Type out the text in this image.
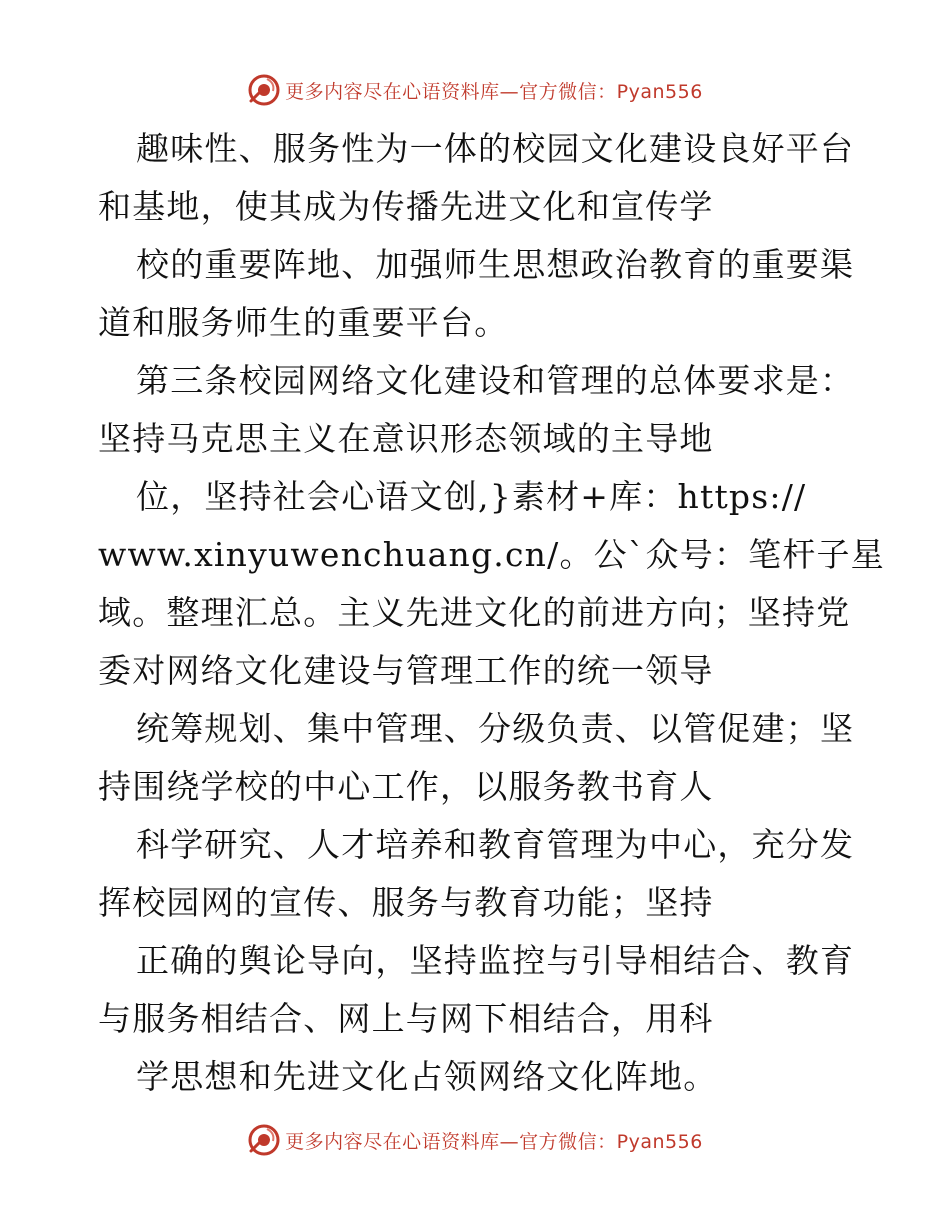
更多内容尽在心语资料库—官方微信：Pyan556
趣味性、服务性为一体的校园文化建设良好平台
和基地，使其成为传播先进文化和宣传学
校的重要阵地、加强师生思想政治教育的重要渠
道和服务师生的重要平台。
第三条校园网络文化建设和管理的总体要求是：
坚持马克思主义在意识形态领域的主导地
位，坚持社会心语文创,}素材+库：https://
www.xinyuwenchuang.cn/。公`众号：笔杆子星
域。整理汇总。主义先进文化的前进方向；坚持党
委对网络文化建设与管理工作的统一领导
统筹规划、集中管理、分级负责、以管促建；坚
持围绕学校的中心工作，以服务教书育人
科学研究、人才培养和教育管理为中心，充分发
挥校园网的宣传、服务与教育功能；坚持
正确的舆论导向，坚持监控与引导相结合、教育
与服务相结合、网上与网下相结合，用科
学思想和先进文化占领网络文化阵地。
更多内容尽在心语资料库—官方微信：Pyan556
